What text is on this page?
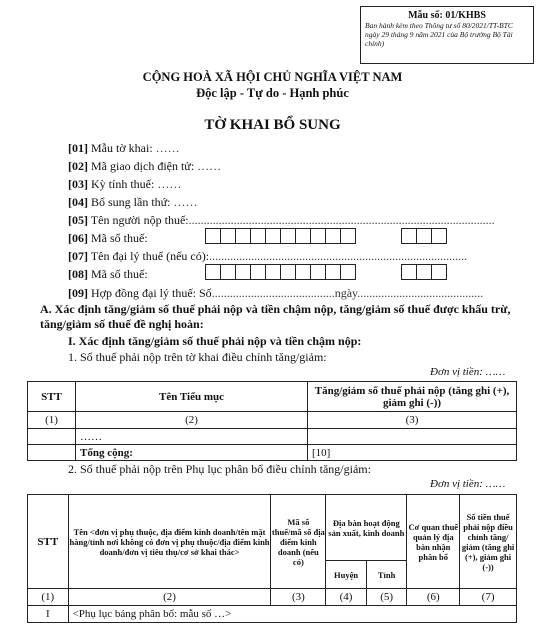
Mẫu số: 01/KHBS
Ban hành kèm theo Thông tư số 80/2021/TT-BTC ngày 29 tháng 9 năm 2021 của Bộ trưởng Bộ Tài chính)
CỘNG HOÀ XÃ HỘI CHỦ NGHĨA VIỆT NAM
Độc lập - Tự do - Hạnh phúc
TỜ KHAI BỔ SUNG
[01] Mẫu tờ khai: ……
[02] Mã giao dịch điện tử: ……
[03] Kỳ tính thuế: ……
[04] Bổ sung lần thứ: ……
[05] Tên người nộp thuế:......................................................................................................
[06] Mã số thuế:
[07] Tên đại lý thuế (nếu có):......................................................................................
[08] Mã số thuế:
[09] Hợp đồng đại lý thuế: Số.........................................ngày..........................................
A. Xác định tăng/giảm số thuế phải nộp và tiền chậm nộp, tăng/giảm số thuế được khấu trừ, tăng/giảm số thuế đề nghị hoàn:
I. Xác định tăng/giảm số thuế phải nộp và tiền chậm nộp:
1. Số thuế phải nộp trên tờ khai điều chỉnh tăng/giảm:
Đơn vị tiền: ……
STT	Tên Tiểu mục	Tăng/giảm số thuế phải nộp (tăng ghi (+), giảm ghi (-))
(1)	(2)	(3)
	……	
	Tổng cộng:	[10]
2. Số thuế phải nộp trên Phụ lục phân bổ điều chỉnh tăng/giảm:
Đơn vị tiền: ……
STT	Tên <đơn vị phụ thuộc, địa điểm kinh doanh/tên mặt hàng/tỉnh nơi không có đơn vị phụ thuộc/địa điểm kinh doanh/đơn vị tiêu thụ/cơ sở khai thác>	Mã số thuế/mã số địa điểm kinh doanh (nếu có)	Địa bàn hoạt động sản xuất, kinh doanh		Cơ quan thuế quản lý địa bàn nhận phân bổ	Số tiền thuế phải nộp điều chỉnh tăng/ giảm (tăng ghi (+), giảm ghi (-))
			Huyện	Tỉnh		
(1)	(2)	(3)	(4)	(5)	(6)	(7)
I	<Phụ lục bảng phân bổ: mẫu số …>					
